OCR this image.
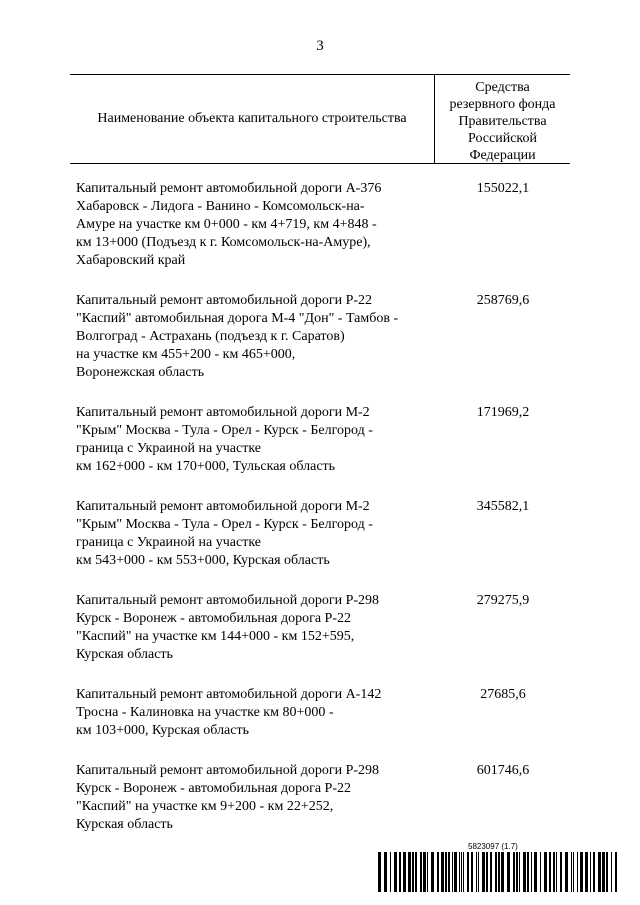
3
Наименование объекта капитального строительства
Средства
резервного фонда
Правительства
Российской
Федерации
Капитальный ремонт автомобильной дороги А-376
Хабаровск - Лидога - Ванино - Комсомольск-на-
Амуре на участке км 0+000 - км 4+719, км 4+848 -
км 13+000 (Подъезд к г. Комсомольск-на-Амуре),
Хабаровский край
155022,1
Капитальный ремонт автомобильной дороги Р-22
"Каспий" автомобильная дорога М-4 "Дон" - Тамбов -
Волгоград - Астрахань (подъезд к г. Саратов)
на участке км 455+200 - км 465+000,
Воронежская область
258769,6
Капитальный ремонт автомобильной дороги М-2
"Крым" Москва - Тула - Орел - Курск - Белгород -
граница с Украиной на участке
км 162+000 - км 170+000, Тульская область
171969,2
Капитальный ремонт автомобильной дороги М-2
"Крым" Москва - Тула - Орел - Курск - Белгород -
граница с Украиной на участке
км 543+000 - км 553+000, Курская область
345582,1
Капитальный ремонт автомобильной дороги Р-298
Курск - Воронеж - автомобильная дорога Р-22
"Каспий" на участке км 144+000 - км 152+595,
Курская область
279275,9
Капитальный ремонт автомобильной дороги А-142
Тросна - Калиновка на участке км 80+000 -
км 103+000, Курская область
27685,6
Капитальный ремонт автомобильной дороги Р-298
Курск - Воронеж - автомобильная дорога Р-22
"Каспий" на участке км 9+200 - км 22+252,
Курская область
601746,6
5823097 (1.7)
